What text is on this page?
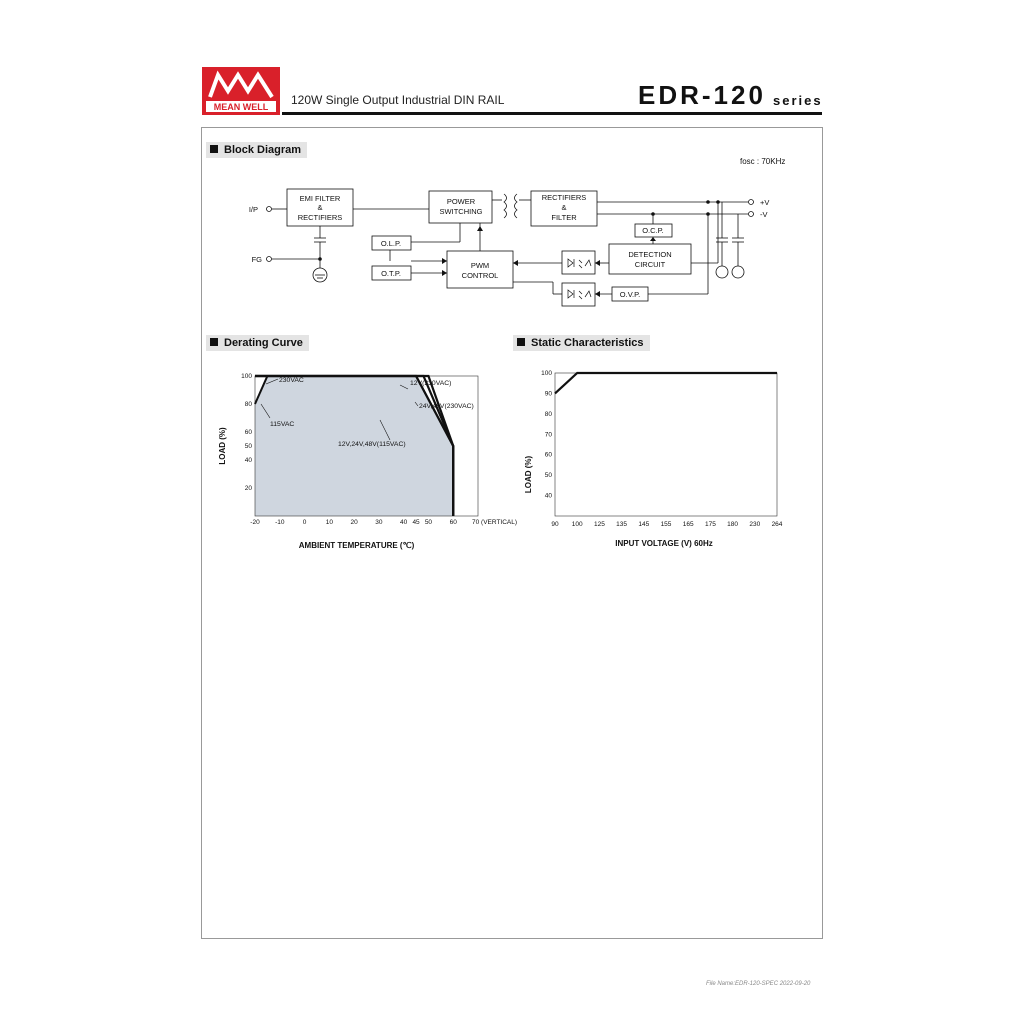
MEAN WELL 120W Single Output Industrial DIN RAIL	EDR-120 series
Block Diagram
fosc : 70KHz
I/P
FG
EMI FILTER
&
RECTIFIERS
POWER
SWITCHING
RECTIFIERS
&
FILTER
O.L.P.
O.T.P.
PWM
CONTROL
O.C.P.
DETECTION
CIRCUIT
O.V.P.
+V
-V
Derating Curve
-20 -10	0	10	20	30	40 45 50	60 70 (VERTICAL)
20
40
50
60
80
100
AMBIENT TEMPERATURE (℃)
LOAD (%)
230VAC	12V(230VAC)
24V,48V(230VAC)
115VAC
12V,24V,48V(115VAC)
Static Characteristics
90 100 125 135 145 155 165 175 180 230 264
40
50
60
70
80
90
100
INPUT VOLTAGE (V) 60Hz
LOAD (%)
File Name:EDR-120-SPEC 2022-09-20
